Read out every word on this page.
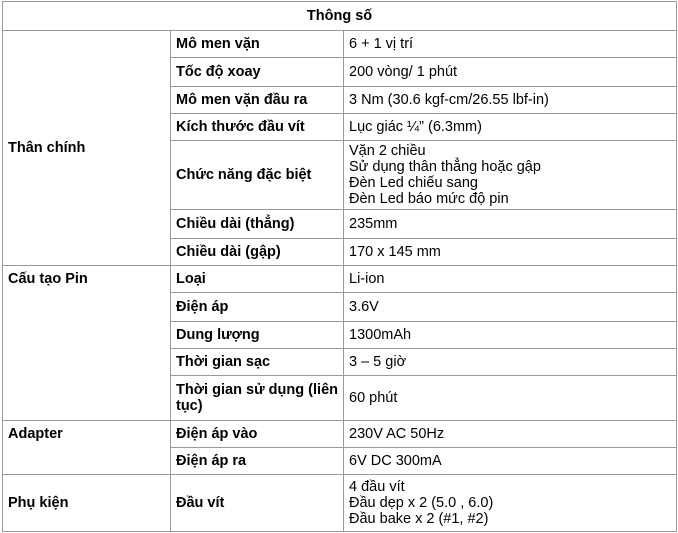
Thông số		
Thân chính	Mô men vặn	6 + 1 vị trí
	Tốc độ xoay	200 vòng/ 1 phút
	Mô men vặn đầu ra	3 Nm (30.6 kgf-cm/26.55 lbf-in)
	Kích thước đầu vít	Lục giác ¼” (6.3mm)
	Chức năng đặc biệt	Vặn 2 chiều
Sử dụng thân thẳng hoặc gập
Đèn Led chiếu sang
Đèn Led báo mức độ pin

	Chiều dài (thẳng)	235mm
	Chiều dài (gập)	170 x 145 mm
Cấu tạo Pin	Loại	Li-ion
	Điện áp	3.6V
	Dung lượng	1300mAh
	Thời gian sạc	3 – 5 giờ
	Thời gian sử dụng (liên tục)	60 phút
Adapter	Điện áp vào	230V AC 50Hz
	Điện áp ra	6V DC 300mA
Phụ kiện	Đầu vít	4 đầu vít
Đầu dẹp x 2 (5.0 , 6.0)
Đầu bake x 2 (#1, #2)
